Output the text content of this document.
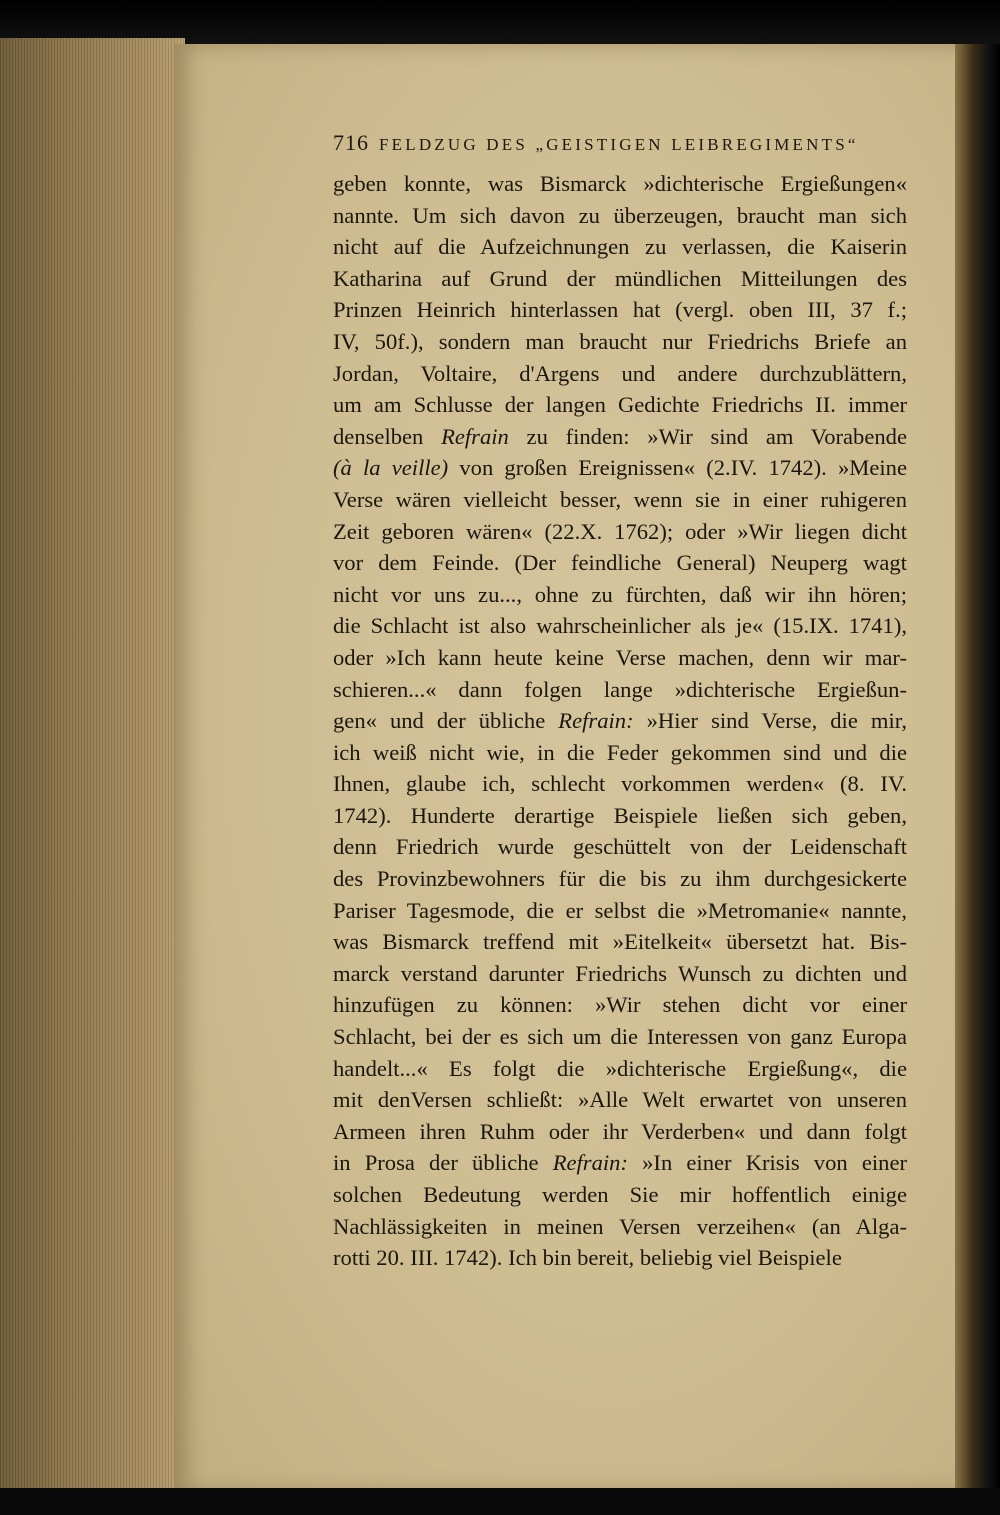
716 FELDZUG DES „GEISTIGEN LEIBREGIMENTS“
geben konnte, was Bismarck »dichterische Ergießungen«
nannte. Um sich davon zu überzeugen, braucht man sich
nicht auf die Aufzeichnungen zu verlassen, die Kaiserin
Katharina auf Grund der mündlichen Mitteilungen des
Prinzen Heinrich hinterlassen hat (vergl. oben III, 37 f.;
IV, 50f.), sondern man braucht nur Friedrichs Briefe an
Jordan, Voltaire, d'Argens und andere durchzublättern,
um am Schlusse der langen Gedichte Friedrichs II. immer
denselben Refrain zu finden: »Wir sind am Vorabende
(à la veille) von großen Ereignissen« (2.IV. 1742). »Meine
Verse wären vielleicht besser, wenn sie in einer ruhigeren
Zeit geboren wären« (22.X. 1762); oder »Wir liegen dicht
vor dem Feinde. (Der feindliche General) Neuperg wagt
nicht vor uns zu..., ohne zu fürchten, daß wir ihn hören;
die Schlacht ist also wahrscheinlicher als je« (15.IX. 1741),
oder »Ich kann heute keine Verse machen, denn wir mar-
schieren...« dann folgen lange »dichterische Ergießun-
gen« und der übliche Refrain: »Hier sind Verse, die mir,
ich weiß nicht wie, in die Feder gekommen sind und die
Ihnen, glaube ich, schlecht vorkommen werden« (8. IV.
1742). Hunderte derartige Beispiele ließen sich geben,
denn Friedrich wurde geschüttelt von der Leidenschaft
des Provinzbewohners für die bis zu ihm durchgesickerte
Pariser Tagesmode, die er selbst die »Metromanie« nannte,
was Bismarck treffend mit »Eitelkeit« übersetzt hat. Bis-
marck verstand darunter Friedrichs Wunsch zu dichten und
hinzufügen zu können: »Wir stehen dicht vor einer
Schlacht, bei der es sich um die Interessen von ganz Europa
handelt...« Es folgt die »dichterische Ergießung«, die
mit denVersen schließt: »Alle Welt erwartet von unseren
Armeen ihren Ruhm oder ihr Verderben« und dann folgt
in Prosa der übliche Refrain: »In einer Krisis von einer
solchen Bedeutung werden Sie mir hoffentlich einige
Nachlässigkeiten in meinen Versen verzeihen« (an Alga-
rotti 20. III. 1742). Ich bin bereit, beliebig viel Beispiele
